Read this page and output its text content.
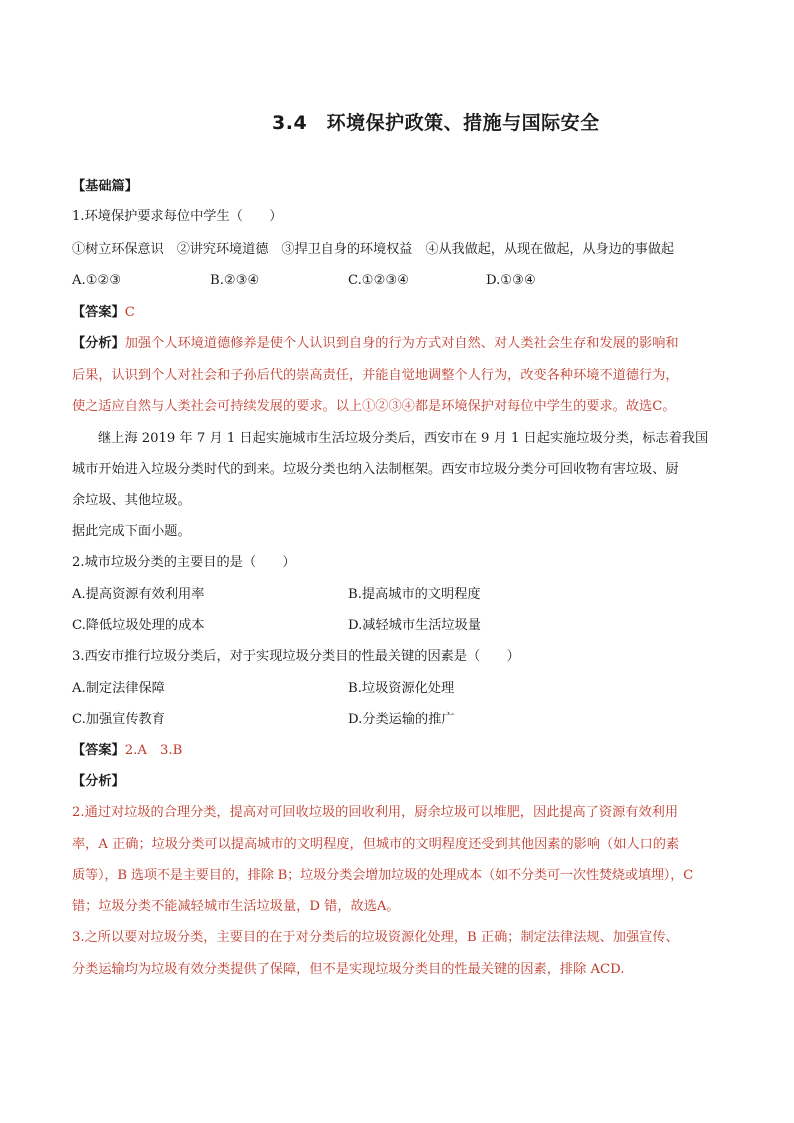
3.4　环境保护政策、措施与国际安全
【基础篇】
1.环境保护要求每位中学生（　　）
①树立环保意识　②讲究环境道德　③捍卫自身的环境权益　④从我做起，从现在做起，从身边的事做起
A.①②③	B.②③④	C.①②③④	D.①③④
【答案】C
【分析】加强个人环境道德修养是使个人认识到自身的行为方式对自然、对人类社会生存和发展的影响和
后果，认识到个人对社会和子孙后代的崇高责任，并能自觉地调整个人行为，改变各种环境不道德行为，
使之适应自然与人类社会可持续发展的要求。以上①②③④都是环境保护对每位中学生的要求。故选C。
继上海 2019 年 7 月 1 日起实施城市生活垃圾分类后，西安市在 9 月 1 日起实施垃圾分类，标志着我国
城市开始进入垃圾分类时代的到来。垃圾分类也纳入法制框架。西安市垃圾分类分可回收物有害垃圾、厨
余垃圾、其他垃圾。
据此完成下面小题。
2.城市垃圾分类的主要目的是（　　）
A.提高资源有效利用率	B.提高城市的文明程度
C.降低垃圾处理的成本	D.减轻城市生活垃圾量
3.西安市推行垃圾分类后，对于实现垃圾分类目的性最关键的因素是（　　）
A.制定法律保障	B.垃圾资源化处理
C.加强宣传教育	D.分类运输的推广
【答案】2.A　3.B
【分析】
2.通过对垃圾的合理分类，提高对可回收垃圾的回收利用，厨余垃圾可以堆肥，因此提高了资源有效利用
率，A 正确；垃圾分类可以提高城市的文明程度，但城市的文明程度还受到其他因素的影响（如人口的素
质等），B 选项不是主要目的，排除 B；垃圾分类会增加垃圾的处理成本（如不分类可一次性焚烧或填埋），C
错；垃圾分类不能减轻城市生活垃圾量，D 错，故选A。
3.之所以要对垃圾分类，主要目的在于对分类后的垃圾资源化处理，B 正确；制定法律法规、加强宣传、
分类运输均为垃圾有效分类提供了保障，但不是实现垃圾分类目的性最关键的因素，排除 ACD.
